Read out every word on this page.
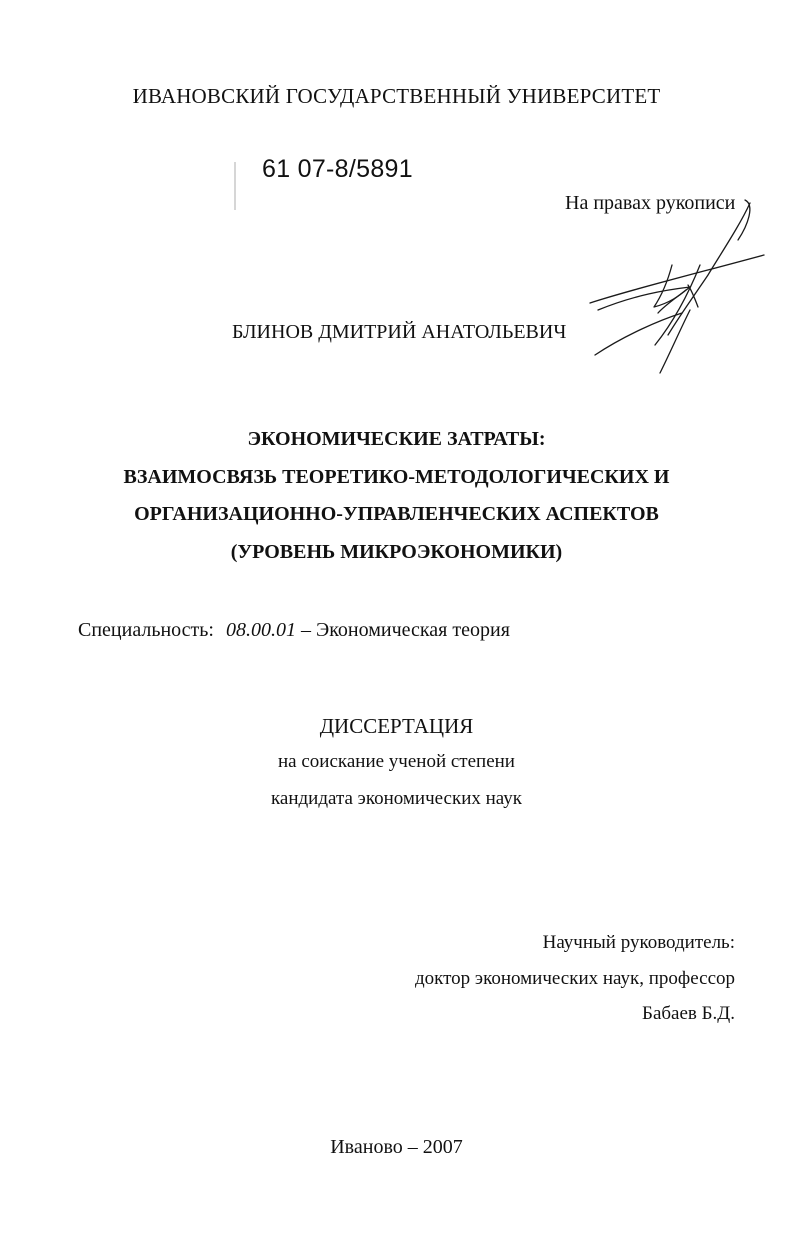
ИВАНОВСКИЙ ГОСУДАРСТВЕННЫЙ УНИВЕРСИТЕТ
61 07-8/5891
На правах рукописи
БЛИНОВ ДМИТРИЙ АНАТОЛЬЕВИЧ
ЭКОНОМИЧЕСКИЕ ЗАТРАТЫ:
ВЗАИМОСВЯЗЬ ТЕОРЕТИКО-МЕТОДОЛОГИЧЕСКИХ И
ОРГАНИЗАЦИОННО-УПРАВЛЕНЧЕСКИХ АСПЕКТОВ
(УРОВЕНЬ МИКРОЭКОНОМИКИ)
Специальность: 08.00.01 – Экономическая теория
ДИССЕРТАЦИЯ
на соискание ученой степени
кандидата экономических наук
Научный руководитель:
доктор экономических наук, профессор
Бабаев Б.Д.
Иваново – 2007
